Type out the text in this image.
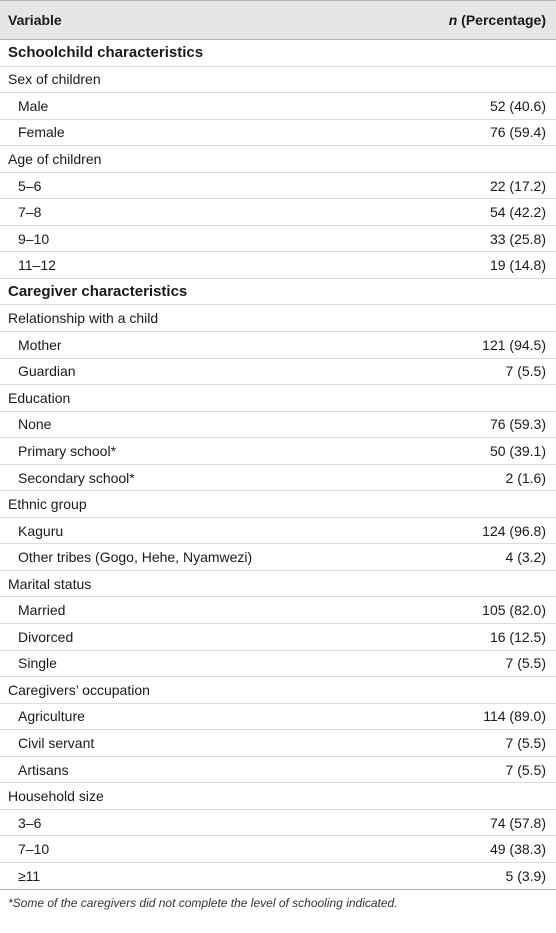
Variable	n (Percentage)
Schoolchild characteristics
Sex of children
Male	52 (40.6)
Female	76 (59.4)
Age of children
5–6	22 (17.2)
7–8	54 (42.2)
9–10	33 (25.8)
11–12	19 (14.8)
Caregiver characteristics
Relationship with a child
Mother	121 (94.5)
Guardian	7 (5.5)
Education
None	76 (59.3)
Primary school*	50 (39.1)
Secondary school*	2 (1.6)
Ethnic group
Kaguru	124 (96.8)
Other tribes (Gogo, Hehe, Nyamwezi)	4 (3.2)
Marital status
Married	105 (82.0)
Divorced	16 (12.5)
Single	7 (5.5)
Caregivers’ occupation
Agriculture	114 (89.0)
Civil servant	7 (5.5)
Artisans	7 (5.5)
Household size
3–6	74 (57.8)
7–10	49 (38.3)
≥11	5 (3.9)
*Some of the caregivers did not complete the level of schooling indicated.
